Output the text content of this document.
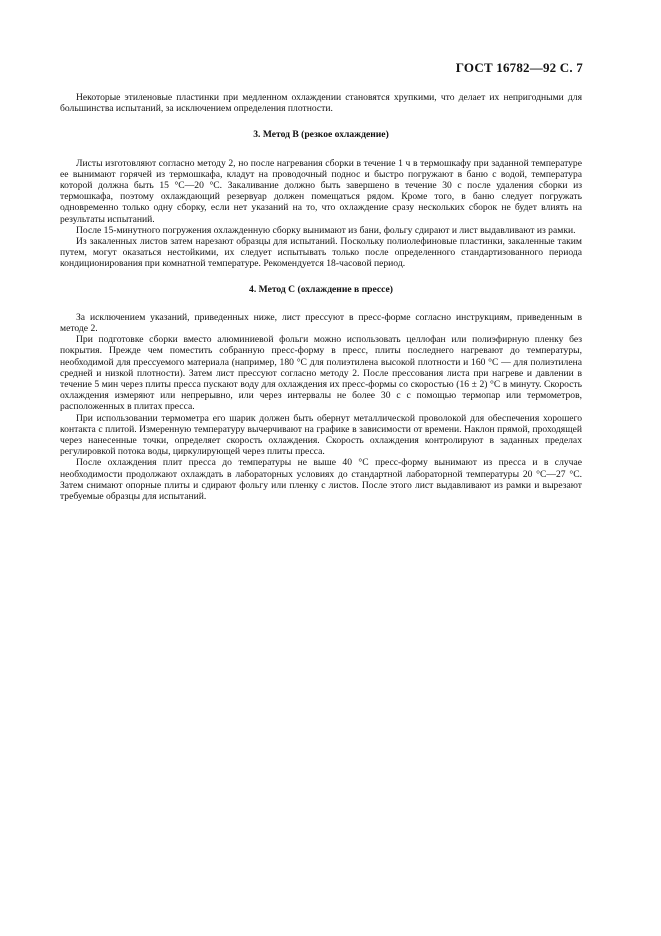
ГОСТ 16782—92 С. 7

Некоторые этиленовые пластинки при медленном охлаждении становятся хрупкими, что делает их непригодными для большинства испытаний, за исключением определения плотности.

3. Метод В (резкое охлаждение)

Листы изготовляют согласно методу 2, но после нагревания сборки в течение 1 ч в термошкафу при заданной температуре ее вынимают горячей из термошкафа, кладут на проводочный поднос и быстро погружают в баню с водой, температура которой должна быть 15 °С—20 °С. Закаливание должно быть завершено в течение 30 с после удаления сборки из термошкафа, поэтому охлаждающий резервуар должен помещаться рядом. Кроме того, в баню следует погружать одновременно только одну сборку, если нет указаний на то, что охлаждение сразу нескольких сборок не будет влиять на результаты испытаний.

После 15-минутного погружения охлажденную сборку вынимают из бани, фольгу сдирают и лист выдавливают из рамки.

Из закаленных листов затем нарезают образцы для испытаний. Поскольку полиолефиновые пластинки, закаленные таким путем, могут оказаться нестойкими, их следует испытывать только после определенного стандартизованного периода кондиционирования при комнатной температуре. Рекомендуется 18-часовой период.

4. Метод С (охлаждение в прессе)

За исключением указаний, приведенных ниже, лист прессуют в пресс-форме согласно инструкциям, приведенным в методе 2.

При подготовке сборки вместо алюминиевой фольги можно использовать целлофан или полиэфирную пленку без покрытия. Прежде чем поместить собранную пресс-форму в пресс, плиты последнего нагревают до температуры, необходимой для прессуемого материала (например, 180 °С для полиэтилена высокой плотности и 160 °С — для полиэтилена средней и низкой плотности). Затем лист прессуют согласно методу 2. После прессования листа при нагреве и давлении в течение 5 мин через плиты пресса пускают воду для охлаждения их пресс-формы со скоростью (16 ± 2) °С в минуту. Скорость охлаждения измеряют или непрерывно, или через интервалы не более 30 с с помощью термопар или термометров, расположенных в плитах пресса.

При использовании термометра его шарик должен быть обернут металлической проволокой для обеспечения хорошего контакта с плитой. Измеренную температуру вычерчивают на графике в зависимости от времени. Наклон прямой, проходящей через нанесенные точки, определяет скорость охлаждения. Скорость охлаждения контролируют в заданных пределах регулировкой потока воды, циркулирующей через плиты пресса.

После охлаждения плит пресса до температуры не выше 40 °С пресс-форму вынимают из пресса и в случае необходимости продолжают охлаждать в лабораторных условиях до стандартной лабораторной температуры 20 °С—27 °С. Затем снимают опорные плиты и сдирают фольгу или пленку с листов. После этого лист выдавливают из рамки и вырезают требуемые образцы для испытаний.
